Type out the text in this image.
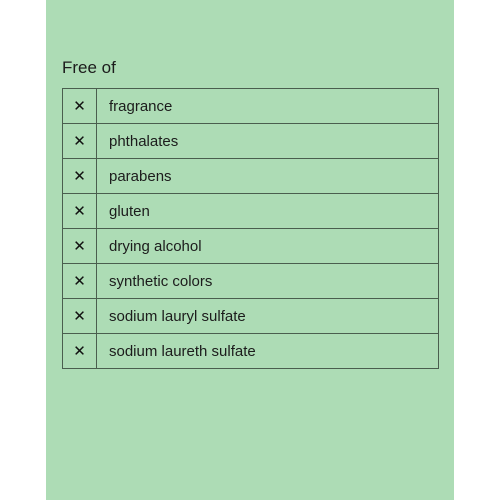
Free of
✕	fragrance
✕	phthalates
✕	parabens
✕	gluten
✕	drying alcohol
✕	synthetic colors
✕	sodium lauryl sulfate
✕	sodium laureth sulfate
